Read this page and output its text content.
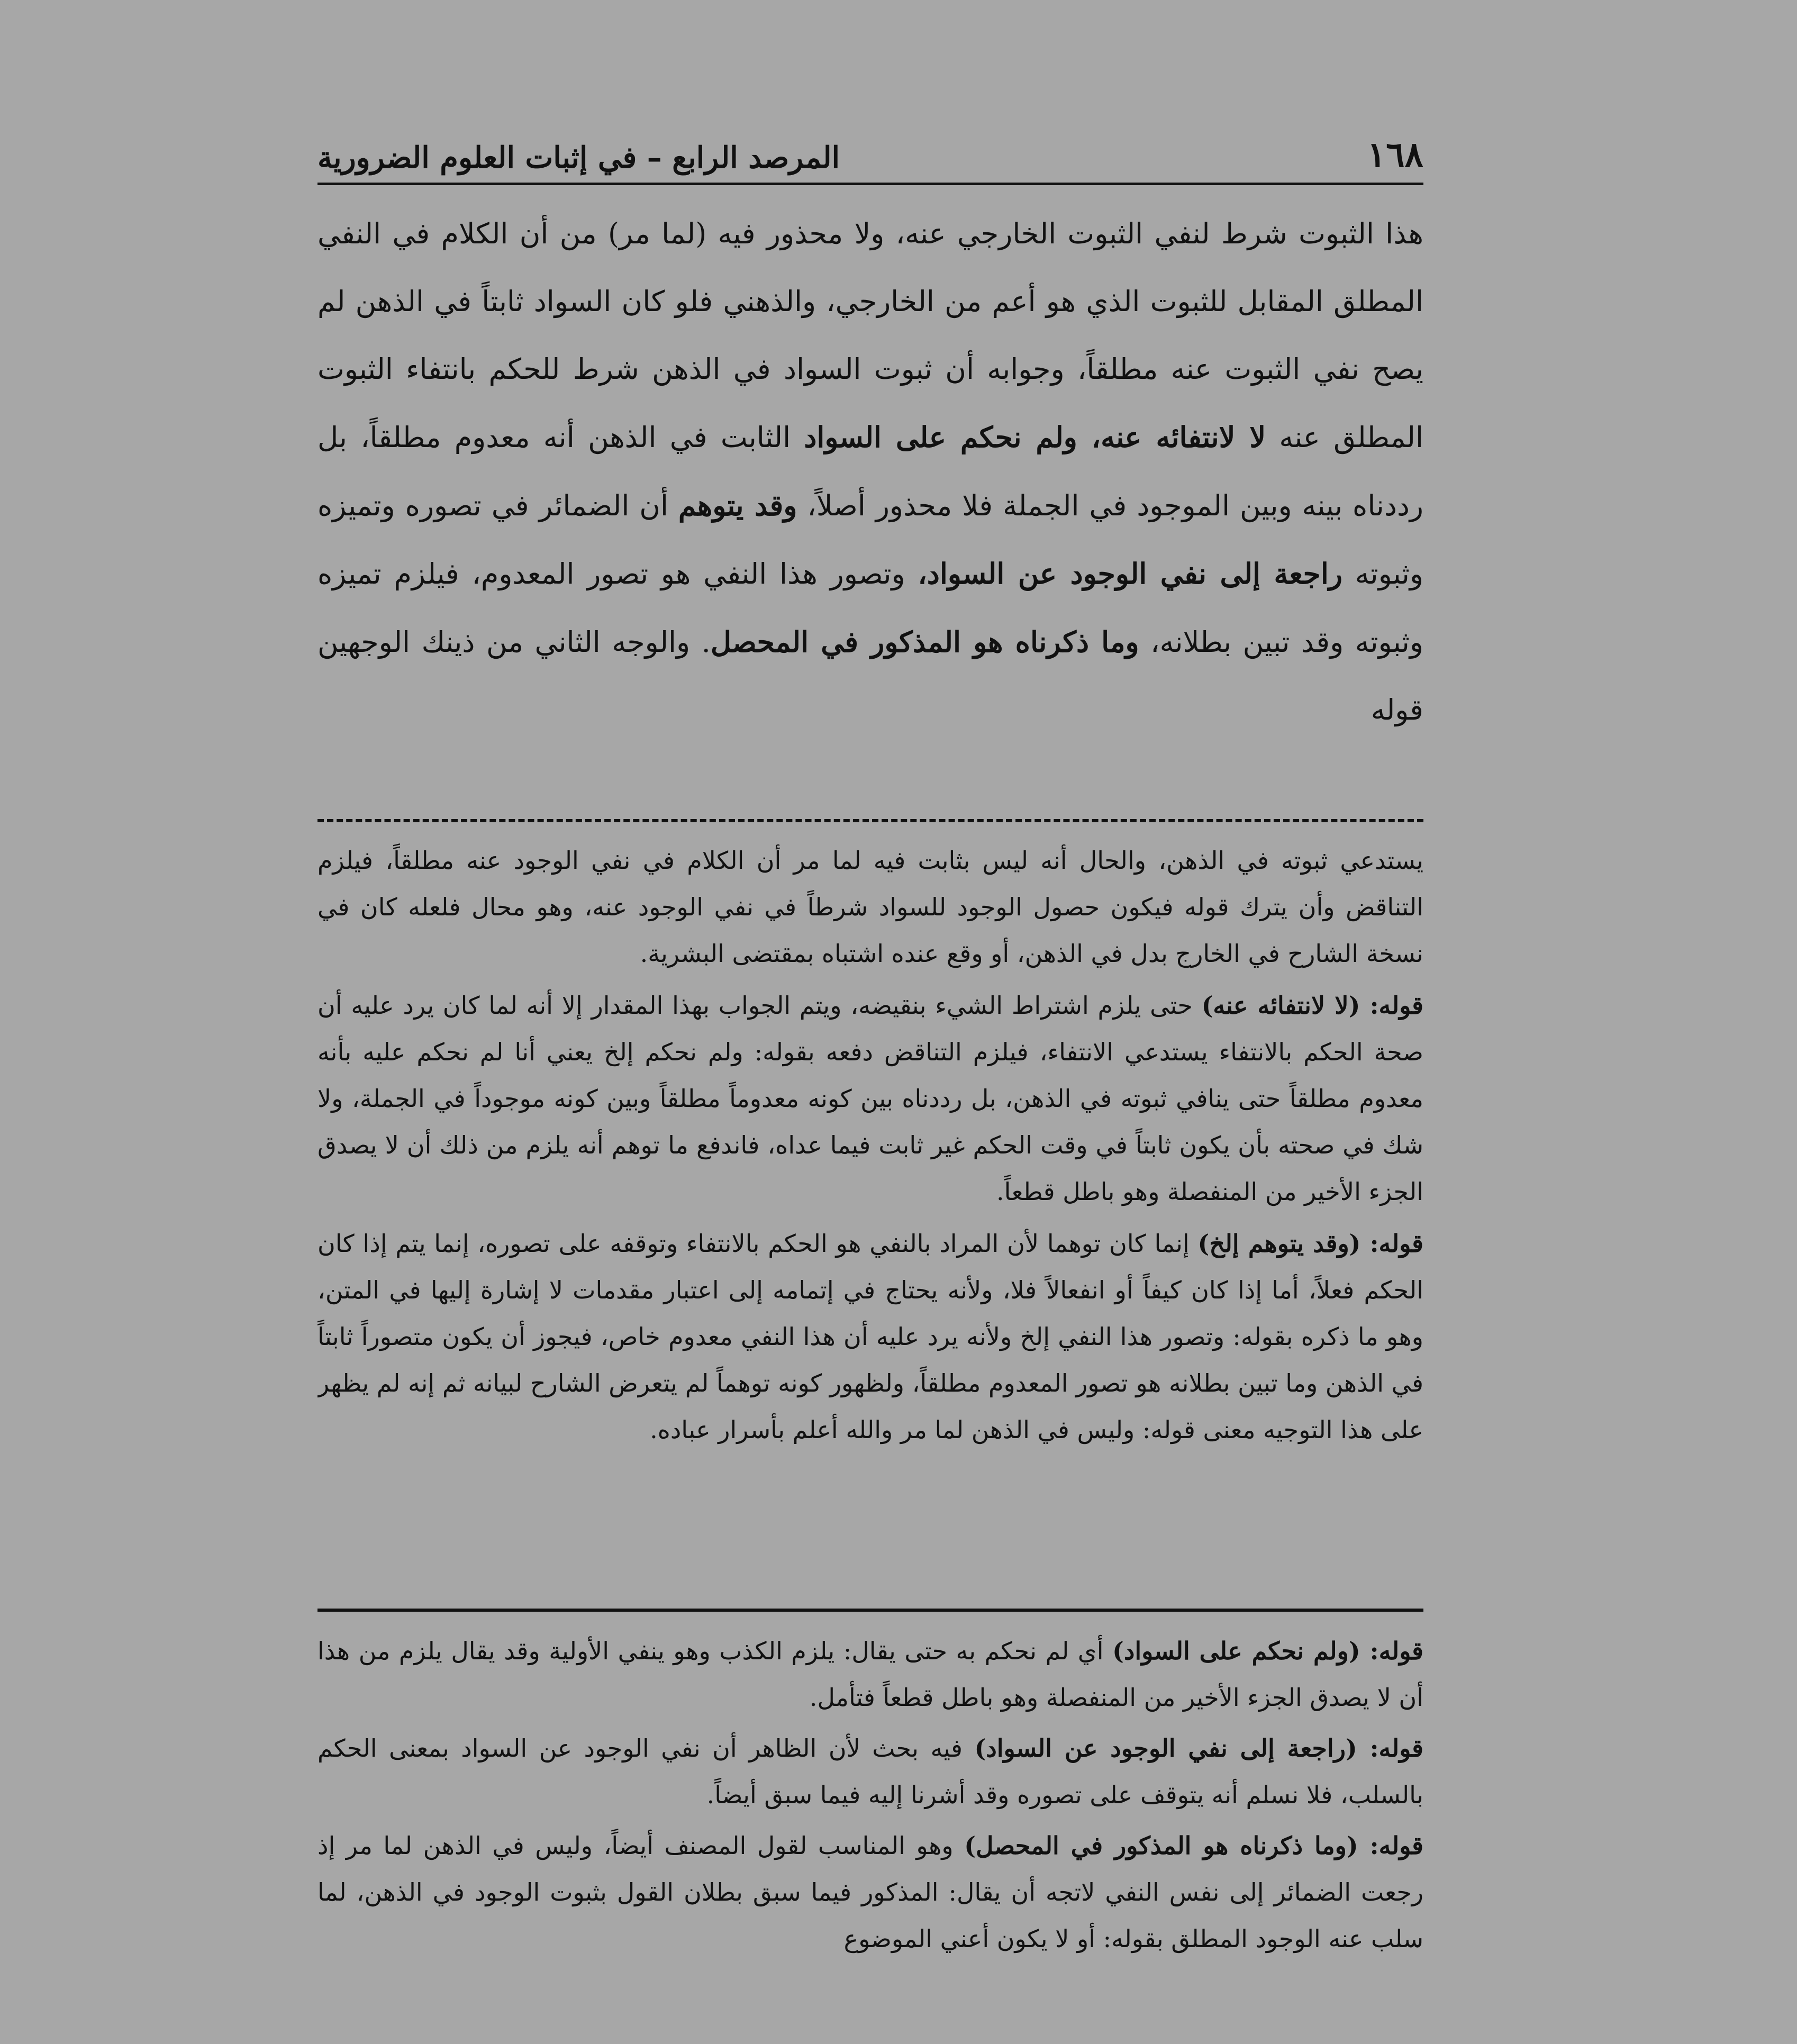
١٦٨
المرصد الرابع – في إثبات العلوم الضرورية
هذا الثبوت شرط لنفي الثبوت الخارجي عنه، ولا محذور فيه (لما مر) من أن الكلام في النفي المطلق المقابل للثبوت الذي هو أعم من الخارجي، والذهني فلو كان السواد ثابتاً في الذهن لم يصح نفي الثبوت عنه مطلقاً، وجوابه أن ثبوت السواد في الذهن شرط للحكم بانتفاء الثبوت المطلق عنه لا لانتفائه عنه، ولم نحكم على السواد الثابت في الذهن أنه معدوم مطلقاً، بل رددناه بينه وبين الموجود في الجملة فلا محذور أصلاً، وقد يتوهم أن الضمائر في تصوره وتميزه وثبوته راجعة إلى نفي الوجود عن السواد، وتصور هذا النفي هو تصور المعدوم، فيلزم تميزه وثبوته وقد تبين بطلانه، وما ذكرناه هو المذكور في المحصل. والوجه الثاني من ذينك الوجهين قوله

يستدعي ثبوته في الذهن، والحال أنه ليس بثابت فيه لما مر أن الكلام في نفي الوجود عنه مطلقاً، فيلزم التناقض وأن يترك قوله فيكون حصول الوجود للسواد شرطاً في نفي الوجود عنه، وهو محال فلعله كان في نسخة الشارح في الخارج بدل في الذهن، أو وقع عنده اشتباه بمقتضى البشرية.

قوله: (لا لانتفائه عنه) حتى يلزم اشتراط الشيء بنقيضه، ويتم الجواب بهذا المقدار إلا أنه لما كان يرد عليه أن صحة الحكم بالانتفاء يستدعي الانتفاء، فيلزم التناقض دفعه بقوله: ولم نحكم إلخ يعني أنا لم نحكم عليه بأنه معدوم مطلقاً حتى ينافي ثبوته في الذهن، بل رددناه بين كونه معدوماً مطلقاً وبين كونه موجوداً في الجملة، ولا شك في صحته بأن يكون ثابتاً في وقت الحكم غير ثابت فيما عداه، فاندفع ما توهم أنه يلزم من ذلك أن لا يصدق الجزء الأخير من المنفصلة وهو باطل قطعاً.

قوله: (وقد يتوهم إلخ) إنما كان توهما لأن المراد بالنفي هو الحكم بالانتفاء وتوقفه على تصوره، إنما يتم إذا كان الحكم فعلاً، أما إذا كان كيفاً أو انفعالاً فلا، ولأنه يحتاج في إتمامه إلى اعتبار مقدمات لا إشارة إليها في المتن، وهو ما ذكره بقوله: وتصور هذا النفي إلخ ولأنه يرد عليه أن هذا النفي معدوم خاص، فيجوز أن يكون متصوراً ثابتاً في الذهن وما تبين بطلانه هو تصور المعدوم مطلقاً، ولظهور كونه توهماً لم يتعرض الشارح لبيانه ثم إنه لم يظهر على هذا التوجيه معنى قوله: وليس في الذهن لما مر والله أعلم بأسرار عباده.

قوله: (ولم نحكم على السواد) أي لم نحكم به حتى يقال: يلزم الكذب وهو ينفي الأولية وقد يقال يلزم من هذا أن لا يصدق الجزء الأخير من المنفصلة وهو باطل قطعاً فتأمل.

قوله: (راجعة إلى نفي الوجود عن السواد) فيه بحث لأن الظاهر أن نفي الوجود عن السواد بمعنى الحكم بالسلب، فلا نسلم أنه يتوقف على تصوره وقد أشرنا إليه فيما سبق أيضاً.

قوله: (وما ذكرناه هو المذكور في المحصل) وهو المناسب لقول المصنف أيضاً، وليس في الذهن لما مر إذ رجعت الضمائر إلى نفس النفي لاتجه أن يقال: المذكور فيما سبق بطلان القول بثبوت الوجود في الذهن، لما سلب عنه الوجود المطلق بقوله: أو لا يكون أعني الموضوع
